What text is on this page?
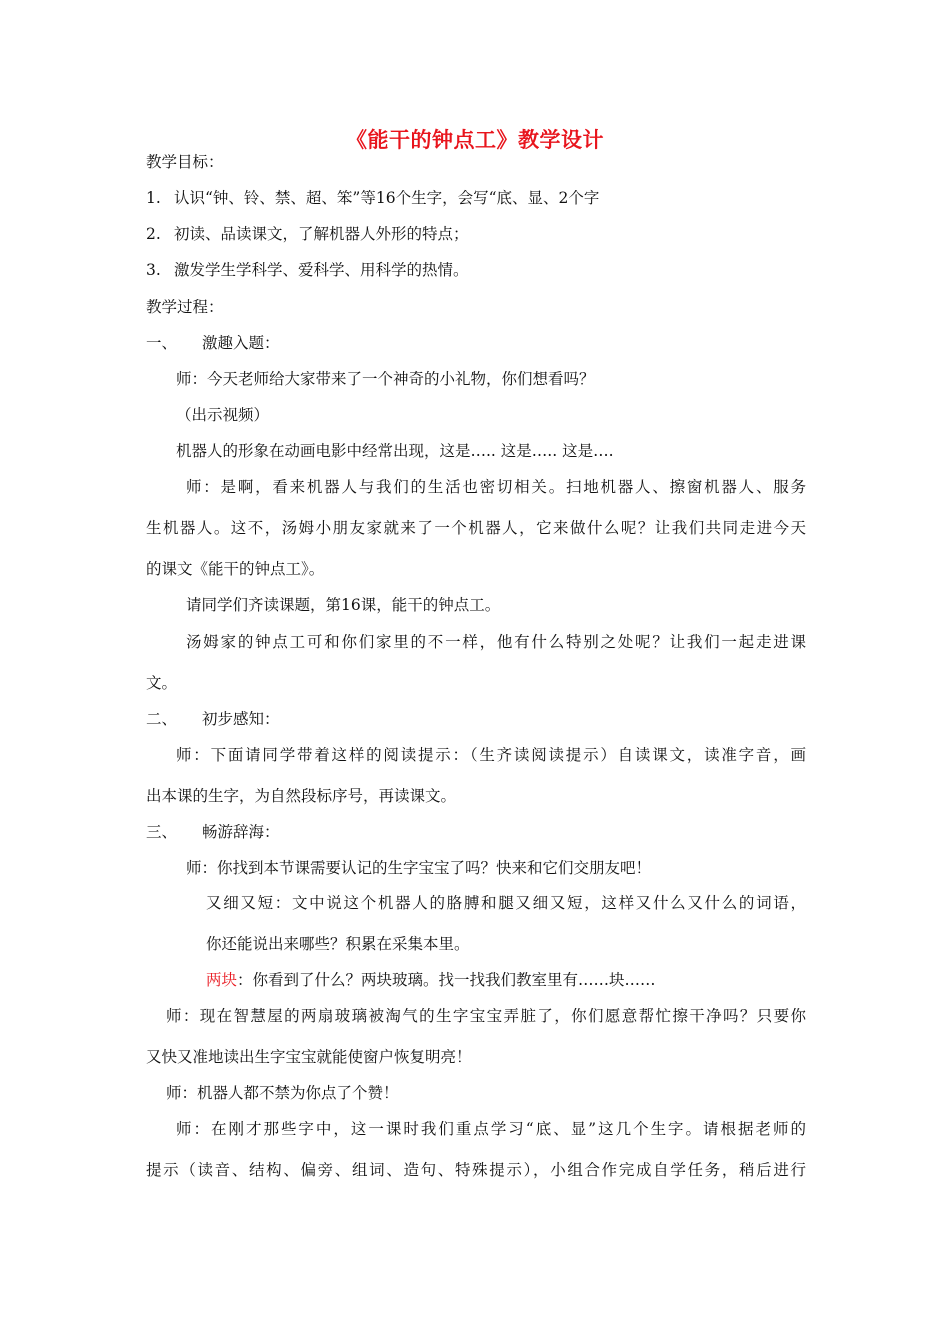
《能干的钟点工》教学设计
教学目标：
1. 认识“钟、铃、禁、超、笨”等16个生字，会写“底、显、2个字
2. 初读、品读课文，了解机器人外形的特点；
3. 激发学生学科学、爱科学、用科学的热情。
教学过程：
一、 激趣入题：
师：今天老师给大家带来了一个神奇的小礼物，你们想看吗？
（出示视频）
机器人的形象在动画电影中经常出现，这是….. 这是….. 这是….
师：是啊，看来机器人与我们的生活也密切相关。扫地机器人、擦窗机器人、服务
生机器人。这不，汤姆小朋友家就来了一个机器人，它来做什么呢？让我们共同走进今天
的课文《能干的钟点工》。
请同学们齐读课题，第16课，能干的钟点工。
汤姆家的钟点工可和你们家里的不一样，他有什么特别之处呢？让我们一起走进课
文。
二、 初步感知：
师：下面请同学带着这样的阅读提示：（生齐读阅读提示）自读课文，读准字音，画
出本课的生字，为自然段标序号，再读课文。
三、 畅游辞海：
师：你找到本节课需要认记的生字宝宝了吗？快来和它们交朋友吧！
又细又短：文中说这个机器人的胳膊和腿又细又短，这样又什么又什么的词语，
你还能说出来哪些？积累在采集本里。
两块：你看到了什么？两块玻璃。找一找我们教室里有……块……
师：现在智慧屋的两扇玻璃被淘气的生字宝宝弄脏了，你们愿意帮忙擦干净吗？只要你
又快又准地读出生字宝宝就能使窗户恢复明亮！
师：机器人都不禁为你点了个赞！
师：在刚才那些字中，这一课时我们重点学习“底、显”这几个生字。请根据老师的
提示（读音、结构、偏旁、组词、造句、特殊提示），小组合作完成自学任务，稍后进行
